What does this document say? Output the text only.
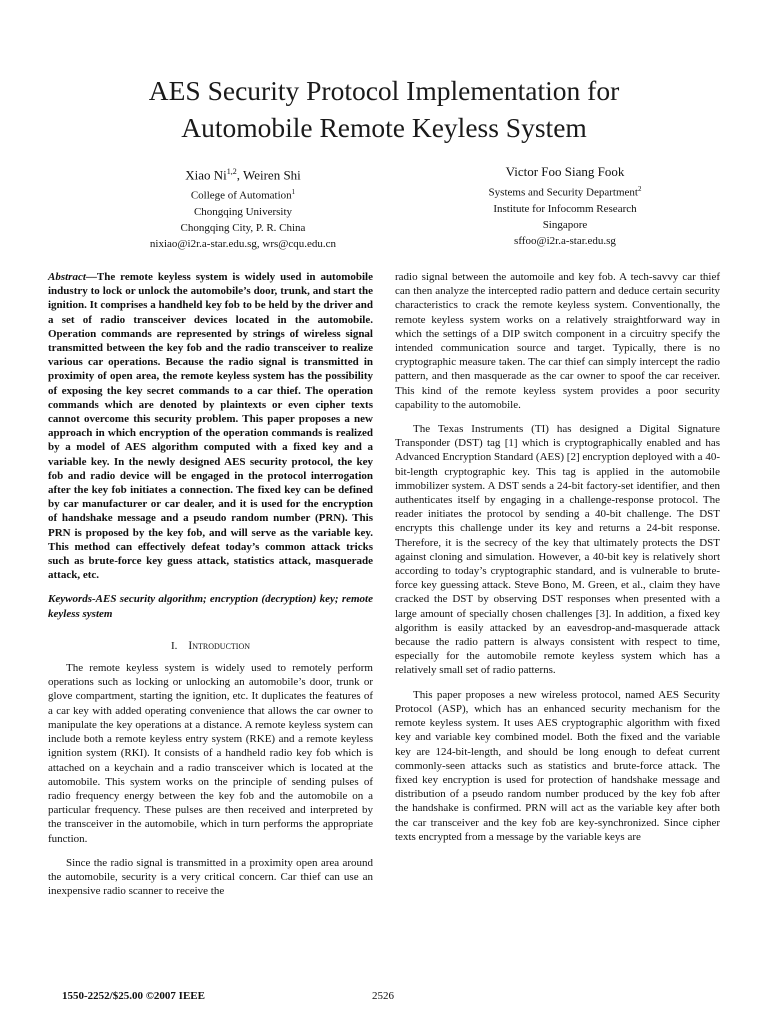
AES Security Protocol Implementation for
Automobile Remote Keyless System
Xiao Ni$^{1,2}$, Weiren Shi
College of Automation$^1$
Chongqing University
Chongqing City, P. R. China
nixiao@i2r.a-star.edu.sg, wrs@cqu.edu.cn
Victor Foo Siang Fook
Systems and Security Department$^2$
Institute for Infocomm Research
Singapore
sffoo@i2r.a-star.edu.sg

Abstract—The remote keyless system is widely used in automobile industry to lock or unlock the automobile’s door, trunk, and start the ignition. It comprises a handheld key fob to be held by the driver and a set of radio transceiver devices located in the automobile. Operation commands are represented by strings of wireless signal transmitted between the key fob and the radio transceiver to realize various car operations. Because the radio signal is transmitted in proximity of open area, the remote keyless system has the possibility of exposing the key secret commands to a car thief. The operation commands which are denoted by plaintexts or even cipher texts cannot overcome this security problem. This paper proposes a new approach in which encryption of the operation commands is realized by a model of AES algorithm computed with a fixed key and a variable key. In the newly designed AES security protocol, the key fob and radio device will be engaged in the protocol interrogation after the key fob initiates a connection. The fixed key can be defined by car manufacturer or car dealer, and it is used for the encryption of handshake message and a pseudo random number (PRN). This PRN is proposed by the key fob, and will serve as the variable key. This method can effectively defeat today’s common attack tricks such as brute-force key guess attack, statistics attack, masquerade attack, etc.

Keywords-AES security algorithm; encryption (decryption) key; remote keyless system

I. Introduction

The remote keyless system is widely used to remotely perform operations such as locking or unlocking an automobile’s door, trunk or glove compartment, starting the ignition, etc. It duplicates the features of a car key with added operating convenience that allows the car owner to manipulate the key operations at a distance. A remote keyless system can include both a remote keyless entry system (RKE) and a remote keyless ignition system (RKI). It consists of a handheld radio key fob which is attached on a keychain and a radio transceiver which is located at the automobile. This system works on the principle of sending pulses of radio frequency energy between the key fob and the automobile on a particular frequency. These pulses are then received and interpreted by the transceiver in the automobile, which in turn performs the appropriate function.

Since the radio signal is transmitted in a proximity open area around the automobile, security is a very critical concern. Car thief can use an inexpensive radio scanner to receive the

radio signal between the automoile and key fob. A tech-savvy car thief can then analyze the intercepted radio pattern and deduce certain security characteristics to crack the remote keyless system. Conventionally, the remote keyless system works on a relatively straightforward way in which the settings of a DIP switch component in a circuitry specify the intended communication source and target. Typically, there is no cryptographic measure taken. The car thief can simply intercept the radio pattern, and then masquerade as the car owner to spoof the car receiver. This kind of the remote keyless system provides a poor security capability to the automobile.

The Texas Instruments (TI) has designed a Digital Signature Transponder (DST) tag [1] which is cryptographically enabled and has Advanced Encryption Standard (AES) [2] encryption deployed with a 40-bit-length cryptographic key. This tag is applied in the automobile immobilizer system. A DST sends a 24-bit factory-set identifier, and then authenticates itself by engaging in a challenge-response protocol. The reader initiates the protocol by sending a 40-bit challenge. The DST encrypts this challenge under its key and returns a 24-bit response. Therefore, it is the secrecy of the key that ultimately protects the DST against cloning and simulation. However, a 40-bit key is relatively short according to today’s cryptographic standard, and is vulnerable to brute-force key guessing attack. Steve Bono, M. Green, et al., claim they have cracked the DST by observing DST responses when presented with a large amount of specially chosen challenges [3]. In addition, a fixed key algorithm is easily attacked by an eavesdrop-and-masquerade attack because the radio pattern is always consistent with respect to time, especially for the automobile remote keyless system which has a relatively small set of radio patterns.

This paper proposes a new wireless protocol, named AES Security Protocol (ASP), which has an enhanced security mechanism for the remote keyless system. It uses AES cryptographic algorithm with fixed key and variable key combined model. Both the fixed and the variable key are 124-bit-length, and should be long enough to defeat current commonly-seen attacks such as statistics and brute-force attack. The fixed key encryption is used for protection of handshake message and distribution of a pseudo random number produced by the key fob after the handshake is confirmed. PRN will act as the variable key after both the car transceiver and the key fob are key-synchronized. Since cipher texts encrypted from a message by the variable keys are

1550-2252/$25.00 ©2007 IEEE	2526
